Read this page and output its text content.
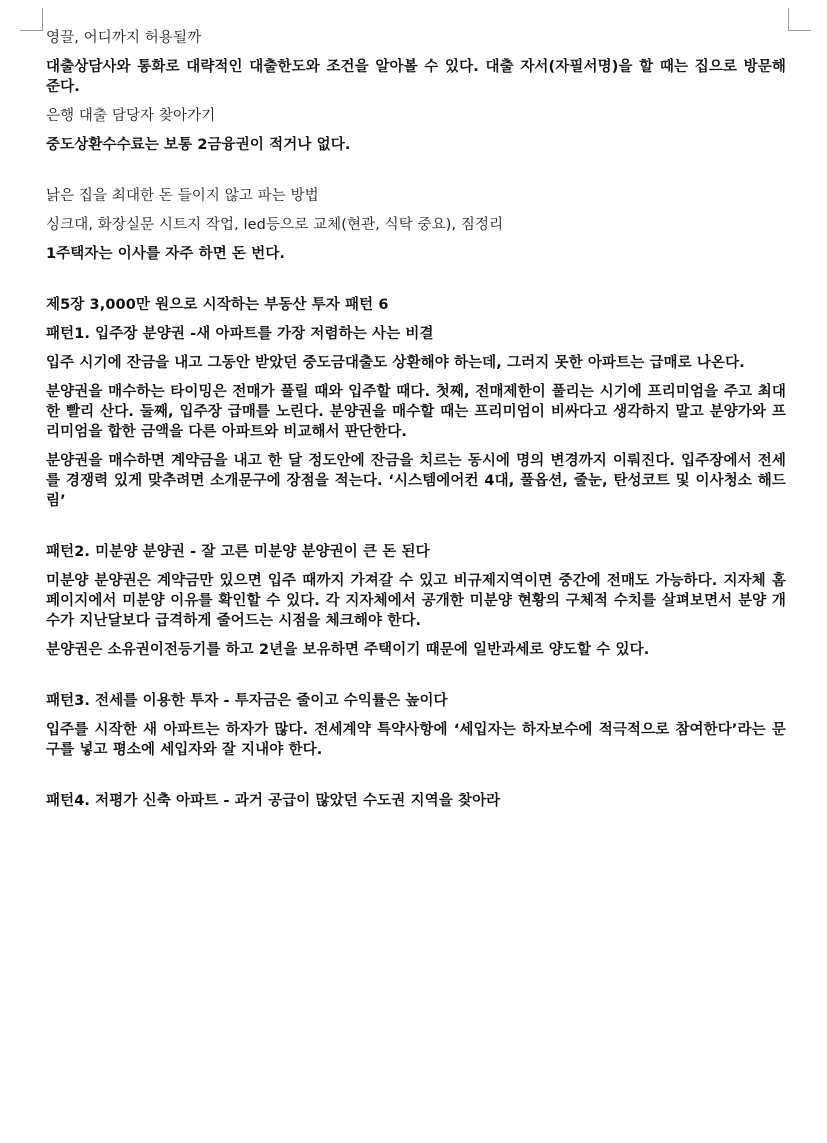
영끌, 어디까지 허용될까

대출상담사와 통화로 대략적인 대출한도와 조건을 알아볼 수 있다. 대출 자서(자필서명)을 할 때는 집으로 방문해 준다.

은행 대출 담당자 찾아가기

중도상환수수료는 보통 2금융권이 적거나 없다.

낡은 집을 최대한 돈 들이지 않고 파는 방법

싱크대, 화장실문 시트지 작업, led등으로 교체(현관, 식탁 중요), 짐정리

1주택자는 이사를 자주 하면 돈 번다.

제5장 3,000만 원으로 시작하는 부동산 투자 패턴 6

패턴1. 입주장 분양권 -새 아파트를 가장 저렴하는 사는 비결

입주 시기에 잔금을 내고 그동안 받았던 중도금대출도 상환해야 하는데, 그러지 못한 아파트는 급매로 나온다.

분양권을 매수하는 타이밍은 전매가 풀릴 때와 입주할 때다. 첫째, 전매제한이 풀리는 시기에 프리미엄을 주고 최대한 빨리 산다. 둘째, 입주장 급매를 노린다. 분양권을 매수할 때는 프리미엄이 비싸다고 생각하지 말고 분양가와 프리미엄을 합한 금액을 다른 아파트와 비교해서 판단한다.

분양권을 매수하면 계약금을 내고 한 달 정도안에 잔금을 치르는 동시에 명의 변경까지 이뤄진다. 입주장에서 전세를 경쟁력 있게 맞추려면 소개문구에 장점을 적는다. ‘시스템에어컨 4대, 풀옵션, 줄눈, 탄성코트 및 이사청소 해드림’

패턴2. 미분양 분양권 - 잘 고른 미분양 분양권이 큰 돈 된다

미분양 분양권은 계약금만 있으면 입주 때까지 가져갈 수 있고 비규제지역이면 중간에 전매도 가능하다. 지자체 홈페이지에서 미분양 이유를 확인할 수 있다. 각 지자체에서 공개한 미분양 현황의 구체적 수치를 살펴보면서 분양 개수가 지난달보다 급격하게 줄어드는 시점을 체크해야 한다.

분양권은 소유권이전등기를 하고 2년을 보유하면 주택이기 때문에 일반과세로 양도할 수 있다.

패턴3. 전세를 이용한 투자 - 투자금은 줄이고 수익률은 높이다

입주를 시작한 새 아파트는 하자가 많다. 전세계약 특약사항에 ‘세입자는 하자보수에 적극적으로 참여한다’라는 문구를 넣고 평소에 세입자와 잘 지내야 한다.

패턴4. 저평가 신축 아파트 - 과거 공급이 많았던 수도권 지역을 찾아라
